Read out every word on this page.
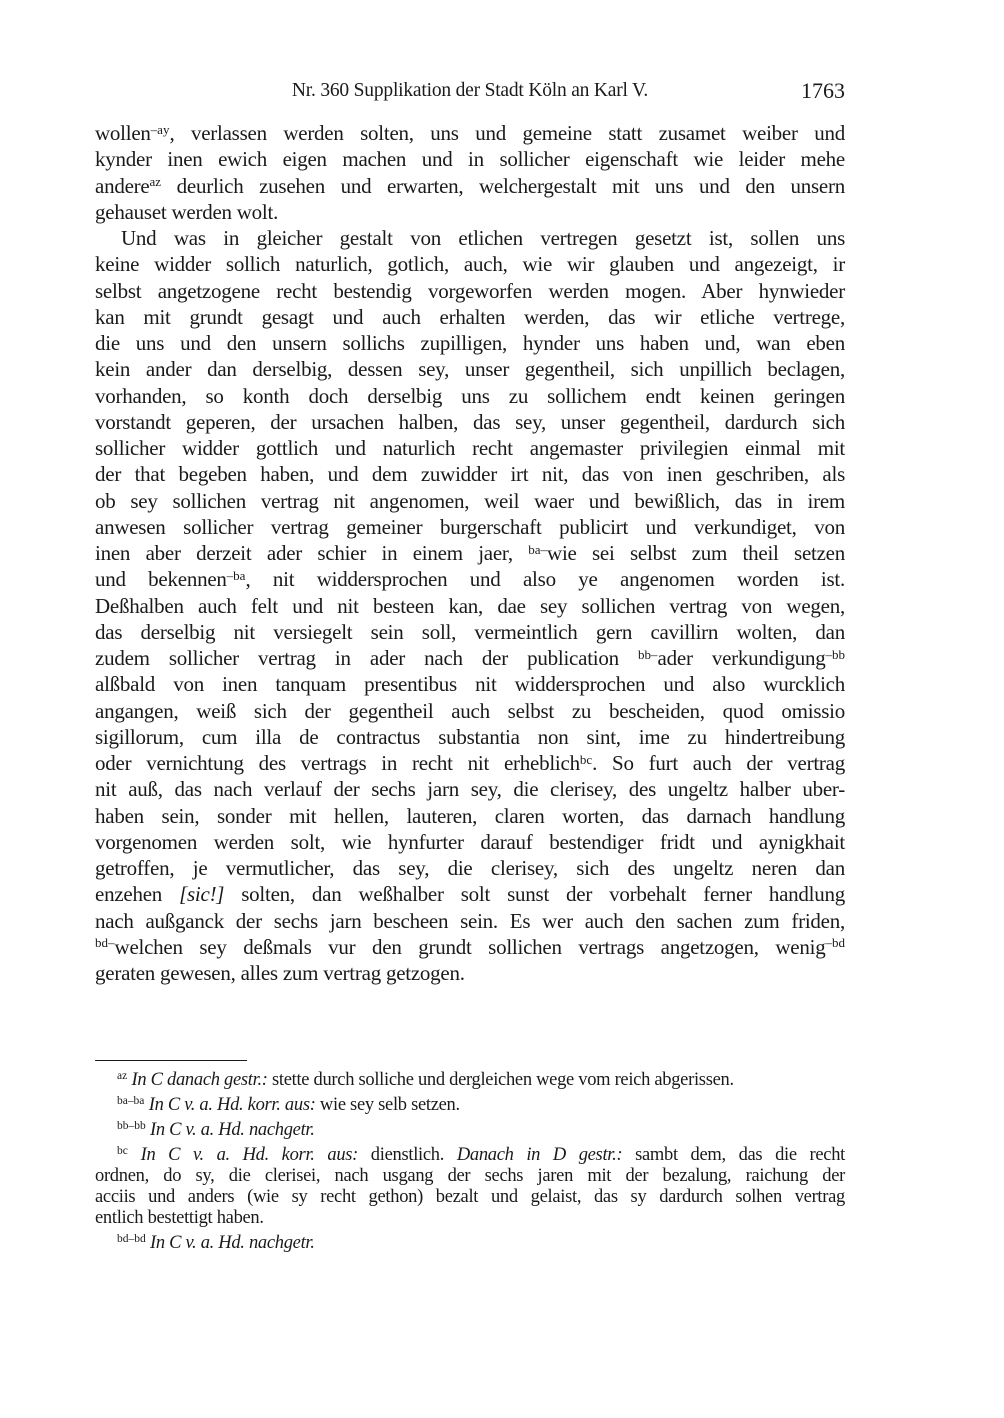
Nr. 360 Supplikation der Stadt Köln an Karl V.	1763
wollen$^{-ay}$, verlassen werden solten, uns und gemeine statt zusamet weiber und
kynder inen ewich eigen machen und in sollicher eigenschaft wie leider mehe
andere$^{az}$ deurlich zusehen und erwarten, welchergestalt mit uns und den unsern
gehauset werden wolt.
Und was in gleicher gestalt von etlichen vertregen gesetzt ist, sollen uns
keine widder sollich naturlich, gotlich, auch, wie wir glauben und angezeigt, ir
selbst angetzogene recht bestendig vorgeworfen werden mogen. Aber hynwieder
kan mit grundt gesagt und auch erhalten werden, das wir etliche vertrege,
die uns und den unsern sollichs zupilligen, hynder uns haben und, wan eben
kein ander dan derselbig, dessen sey, unser gegentheil, sich unpillich beclagen,
vorhanden, so konth doch derselbig uns zu sollichem endt keinen geringen
vorstandt geperen, der ursachen halben, das sey, unser gegentheil, dardurch sich
sollicher widder gottlich und naturlich recht angemaster privilegien einmal mit
der that begeben haben, und dem zuwidder irt nit, das von inen geschriben, als
ob sey sollichen vertrag nit angenomen, weil waer und bewißlich, das in irem
anwesen sollicher vertrag gemeiner burgerschaft publicirt und verkundiget, von
inen aber derzeit ader schier in einem jaer, $^{ba-}$wie sei selbst zum theil setzen
und bekennen$^{-ba}$, nit widdersprochen und also ye angenomen worden ist.
Deßhalben auch felt und nit besteen kan, dae sey sollichen vertrag von wegen,
das derselbig nit versiegelt sein soll, vermeintlich gern cavillirn wolten, dan
zudem sollicher vertrag in ader nach der publication $^{bb-}$ader verkundigung$^{-bb}$
alßbald von inen tanquam presentibus nit widdersprochen und also wurcklich
angangen, weiß sich der gegentheil auch selbst zu bescheiden, quod omissio
sigillorum, cum illa de contractus substantia non sint, ime zu hindertreibung
oder vernichtung des vertrags in recht nit erheblich$^{bc}$. So furt auch der vertrag
nit auß, das nach verlauf der sechs jarn sey, die clerisey, des ungeltz halber uber-
haben sein, sonder mit hellen, lauteren, claren worten, das darnach handlung
vorgenomen werden solt, wie hynfurter darauf bestendiger fridt und aynigkhait
getroffen, je vermutlicher, das sey, die clerisey, sich des ungeltz neren dan
enzehen [sic!] solten, dan weßhalber solt sunst der vorbehalt ferner handlung
nach außganck der sechs jarn bescheen sein. Es wer auch den sachen zum friden,
$^{bd-}$welchen sey deßmals vur den grundt sollichen vertrags angetzogen, wenig$^{-bd}$
geraten gewesen, alles zum vertrag getzogen.
$^{az}$ In C danach gestr.: stette durch solliche und dergleichen wege vom reich abgerissen.
$^{ba-ba}$ In C v. a. Hd. korr. aus: wie sey selb setzen.
$^{bb-bb}$ In C v. a. Hd. nachgetr.
$^{bc}$ In C v. a. Hd. korr. aus: dienstlich. Danach in D gestr.: sambt dem, das die recht
ordnen, do sy, die clerisei, nach usgang der sechs jaren mit der bezalung, raichung der
acciis und anders (wie sy recht gethon) bezalt und gelaist, das sy dardurch solhen vertrag
entlich bestettigt haben.
$^{bd-bd}$ In C v. a. Hd. nachgetr.
